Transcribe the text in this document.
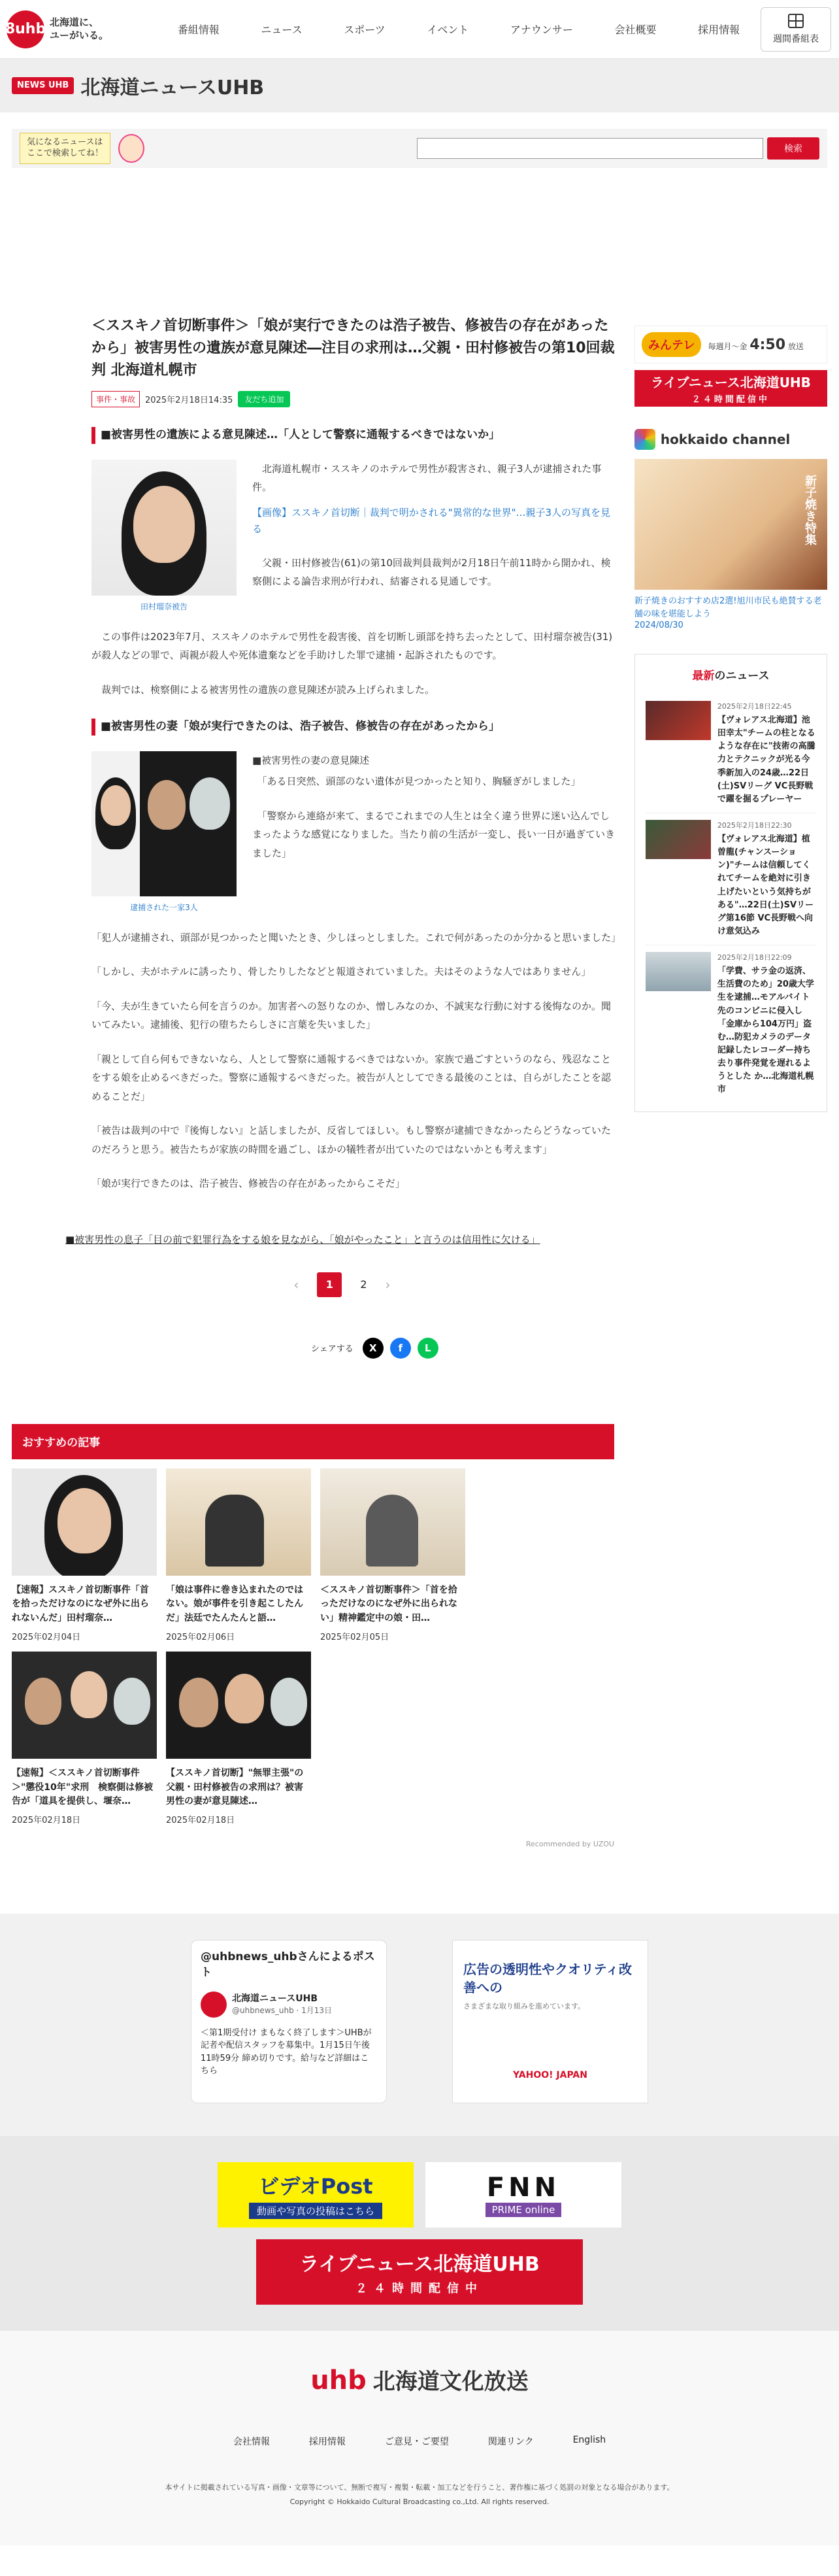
8uhb 北海道に、
ユーがいる。	番組情報	ニュース	スポーツ	イベント	アナウンサー	会社概要	採用情報
週間番組表
NEWS UHB 北海道ニュースUHB
気になるニュースは
ここで検索してね！	検索
＜ススキノ首切断事件＞「娘が実行できたのは浩子被告、修被告の存在があったから」被害男性の遺族が意見陳述―注目の求刑は…父親・田村修被告の第10回裁判 北海道札幌市
事件・事故	2025年2月18日14:35	友だち追加
■被害男性の遺族による意見陳述…「人として警察に通報するべきではないか」
田村瑠奈被告

北海道札幌市・ススキノのホテルで男性が殺害され、親子3人が逮捕された事件。

【画像】ススキノ首切断｜裁判で明かされる"異常的な世界"…親子3人の写真を見る

父親・田村修被告(61)の第10回裁判員裁判が2月18日午前11時から開かれ、検察側による論告求刑が行われ、結審される見通しです。

この事件は2023年7月、ススキノのホテルで男性を殺害後、首を切断し頭部を持ち去ったとして、田村瑠奈被告(31)が殺人などの罪で、両親が殺人や死体遺棄などを手助けした罪で逮捕・起訴されたものです。

裁判では、検察側による被害男性の遺族の意見陳述が読み上げられました。

■被害男性の妻「娘が実行できたのは、浩子被告、修被告の存在があったから」
逮捕された一家3人

■被害男性の妻の意見陳述

「ある日突然、頭部のない遺体が見つかったと知り、胸騒ぎがしました」

「警察から連絡が来て、まるでこれまでの人生とは全く違う世界に迷い込んでしまったような感覚になりました。当たり前の生活が一変し、長い一日が過ぎていきました」

「犯人が逮捕され、頭部が見つかったと聞いたとき、少しほっとしました。これで何があったのか分かると思いました」

「しかし、夫がホテルに誘ったり、骨したりしたなどと報道されていました。夫はそのような人ではありません」

「今、夫が生きていたら何を言うのか。加害者への怒りなのか、憎しみなのか、不誠実な行動に対する後悔なのか。聞いてみたい。逮捕後、犯行の堕ちたらしさに言葉を失いました」

「親として自ら何もできないなら、人として警察に通報するべきではないか。家族で過ごすというのなら、残忍なことをする娘を止めるべきだった。警察に通報するべきだった。被告が人としてできる最後のことは、自らがしたことを認めることだ」

「被告は裁判の中で『後悔しない』と話しましたが、反省してほしい。もし警察が逮捕できなかったらどうなっていたのだろうと思う。被告たちが家族の時間を過ごし、ほかの犠牲者が出ていたのではないかとも考えます」

「娘が実行できたのは、浩子被告、修被告の存在があったからこそだ」

■被害男性の息子「目の前で犯罪行為をする娘を見ながら、「娘がやったこと」と言うのは信用性に欠ける」
‹	1	2 ›
シェアする	X	f	L
みんテレ	毎週月〜金 4:50 放送
ライブニュース北海道UHB
２４時間配信中
hokkaido channel
新子焼き特集
新子焼きのおすすめ店2選!旭川市民も絶賛する老舗の味を堪能しよう
2024/08/30
最新のニュース
2025年2月18日22:45
【ヴォレアス北海道】池田幸太"チームの柱となるような存在に"技術の高騰力とテクニックが光る今季新加入の24歳…22日(土)SVリーグ VC長野戦で躍を掘るプレーヤー
2025年2月18日22:30
【ヴォレアス北海道】植曽龍(チャンスーション)"チームは信頼してくれてチームを絶対に引き上げたいという気持ちがある"…22日(土)SVリーグ第16節 VC長野戦へ向け意気込み
2025年2月18日22:09
「学費、サラ金の返済、生活費のため」20歳大学生を逮捕…モアルバイト先のコンビニに侵入し「金庫から104万円」盗む…防犯カメラのデータ記録したレコーダー持ち去り事件発覚を遅れるようとした か…北海道札幌市
おすすめの記事
【速報】ススキノ首切断事件「首を拾っただけなのになぜ外に出られないんだ」田村瑠奈…
2025年02月04日
「娘は事件に巻き込まれたのではない。娘が事件を引き起こしたんだ」法廷でたんたんと語…
2025年02月06日
＜ススキノ首切断事件＞「首を拾っただけなのになぜ外に出られない」精神鑑定中の娘・田…
2025年02月05日
【速報】＜ススキノ首切断事件＞"懲役10年"求刑　検察側は修被告が「道具を提供し、堰奈…
2025年02月18日
【ススキノ首切断】"無罪主張"の父親・田村修被告の求刑は？被害男性の妻が意見陳述…
2025年02月18日
Recommended by UZOU
@uhbnews_uhbさんによるポスト
北海道ニュースUHB
@uhbnews_uhb · 1月13日
＜第1期受付け まもなく終了します＞UHBが記者や配信スタッフを募集中。1月15日午後11時59分 締め切りです。給与など詳細はこちら
広告の透明性やクオリティ改善への
さまざまな取り組みを進めています。
YAHOO! JAPAN
ビデオPost
動画や写真の投稿はこちら
FNN
PRIME online
ライブニュース北海道UHB
２４時間配信中
uhb 北海道文化放送
会社情報	採用情報	ご意見・ご要望	関連リンク	English
本サイトに掲載されている写真・画像・文章等について、無断で複写・複製・転載・加工などを行うこと、著作権に基づく処罰の対象となる場合があります。
Copyright © Hokkaido Cultural Broadcasting co.,Ltd. All rights reserved.
